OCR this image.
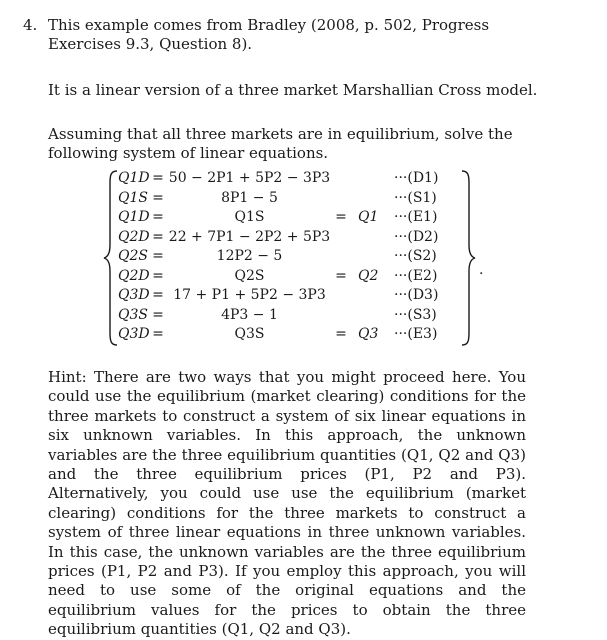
4. This example comes from Bradley (2008, p. 502, Progress Exercises 9.3, Question 8).

It is a linear version of a three market Marshallian Cross model.

Assuming that all three markets are in equilibrium, solve the following system of linear equations.

Q1D = 50 − 2P1 + 5P2 − 3P3	···(D1)
Q1S =	8P1 − 5	···(S1)
Q1D =	Q1S	= Q1 ···(E1)
Q2D = 22 + 7P1 − 2P2 + 5P3	···(D2)
Q2S =	12P2 − 5	···(S2)
Q2D =	Q2S	= Q2 ···(E2)
Q3D = 17 + P1 + 5P2 − 3P3	···(D3)
Q3S =	4P3 − 1	···(S3)
Q3D =	Q3S	= Q3 ···(E3)
.

Hint: There are two ways that you might proceed here. You could use the equilibrium (market clearing) conditions for the three markets to construct a system of six linear equations in six unknown variables. In this approach, the unknown variables are the three equilibrium quantities (Q1, Q2 and Q3) and the three equilibrium prices (P1, P2 and P3). Alternatively, you could use use the equilibrium (market clearing) conditions for the three markets to construct a system of three linear equations in three unknown variables. In this case, the unknown variables are the three equilibrium prices (P1, P2 and P3). If you employ this approach, you will need to use some of the original equations and the equilibrium values for the prices to obtain the three equilibrium quantities (Q1, Q2 and Q3).
